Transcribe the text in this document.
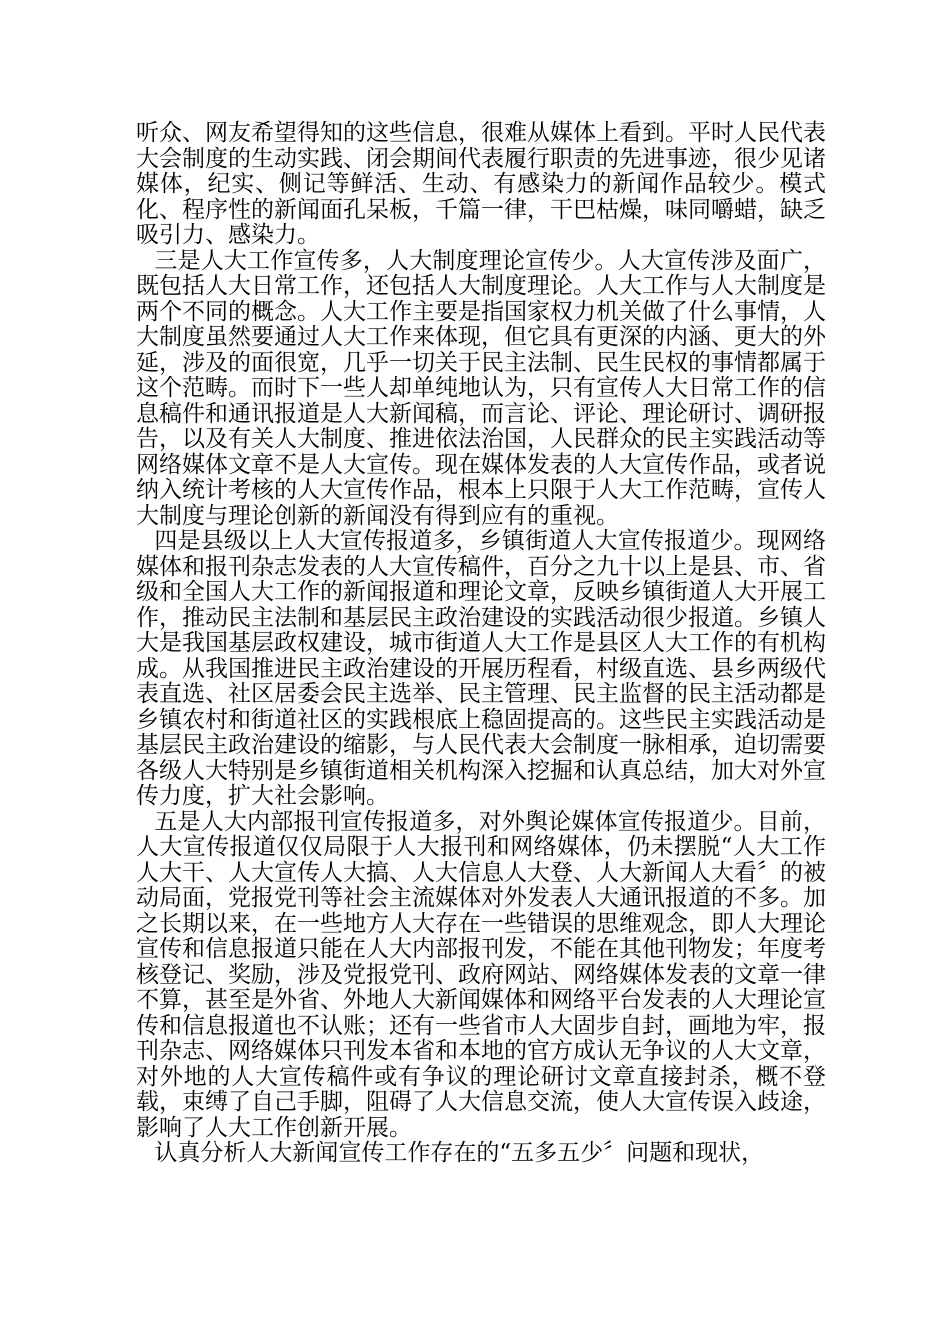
听众、网友希望得知的这些信息，很难从媒体上看到。平时人民代表大会制度的生动实践、闭会期间代表履行职责的先进事迹，很少见诸媒体，纪实、侧记等鲜活、生动、有感染力的新闻作品较少。模式化、程序性的新闻面孔呆板，千篇一律，干巴枯燥，味同嚼蜡，缺乏吸引力、感染力。

三是人大工作宣传多，人大制度理论宣传少。人大宣传涉及面广，既包括人大日常工作，还包括人大制度理论。人大工作与人大制度是两个不同的概念。人大工作主要是指国家权力机关做了什么事情，人大制度虽然要通过人大工作来体现，但它具有更深的内涵、更大的外延，涉及的面很宽，几乎一切关于民主法制、民生民权的事情都属于这个范畴。而时下一些人却单纯地认为，只有宣传人大日常工作的信息稿件和通讯报道是人大新闻稿，而言论、评论、理论研讨、调研报告，以及有关人大制度、推进依法治国，人民群众的民主实践活动等网络媒体文章不是人大宣传。现在媒体发表的人大宣传作品，或者说纳入统计考核的人大宣传作品，根本上只限于人大工作范畴，宣传人大制度与理论创新的新闻没有得到应有的重视。

四是县级以上人大宣传报道多，乡镇街道人大宣传报道少。现网络媒体和报刊杂志发表的人大宣传稿件，百分之九十以上是县、市、省级和全国人大工作的新闻报道和理论文章，反映乡镇街道人大开展工作，推动民主法制和基层民主政治建设的实践活动很少报道。乡镇人大是我国基层政权建设，城市街道人大工作是县区人大工作的有机构成。从我国推进民主政治建设的开展历程看，村级直选、县乡两级代表直选、社区居委会民主选举、民主管理、民主监督的民主活动都是乡镇农村和街道社区的实践根底上稳固提高的。这些民主实践活动是基层民主政治建设的缩影，与人民代表大会制度一脉相承，迫切需要各级人大特别是乡镇街道相关机构深入挖掘和认真总结，加大对外宣传力度，扩大社会影响。

五是人大内部报刊宣传报道多，对外舆论媒体宣传报道少。目前，人大宣传报道仅仅局限于人大报刊和网络媒体，仍未摆脱“人大工作人大干、人大宣传人大搞、人大信息人大登、人大新闻人大看〞的被动局面，党报党刊等社会主流媒体对外发表人大通讯报道的不多。加之长期以来，在一些地方人大存在一些错误的思维观念，即人大理论宣传和信息报道只能在人大内部报刊发，不能在其他刊物发；年度考核登记、奖励，涉及党报党刊、政府网站、网络媒体发表的文章一律不算，甚至是外省、外地人大新闻媒体和网络平台发表的人大理论宣传和信息报道也不认账；还有一些省市人大固步自封，画地为牢，报刊杂志、网络媒体只刊发本省和本地的官方成认无争议的人大文章，对外地的人大宣传稿件或有争议的理论研讨文章直接封杀，概不登载，束缚了自己手脚，阻碍了人大信息交流，使人大宣传误入歧途，影响了人大工作创新开展。

认真分析人大新闻宣传工作存在的“五多五少〞问题和现状，
